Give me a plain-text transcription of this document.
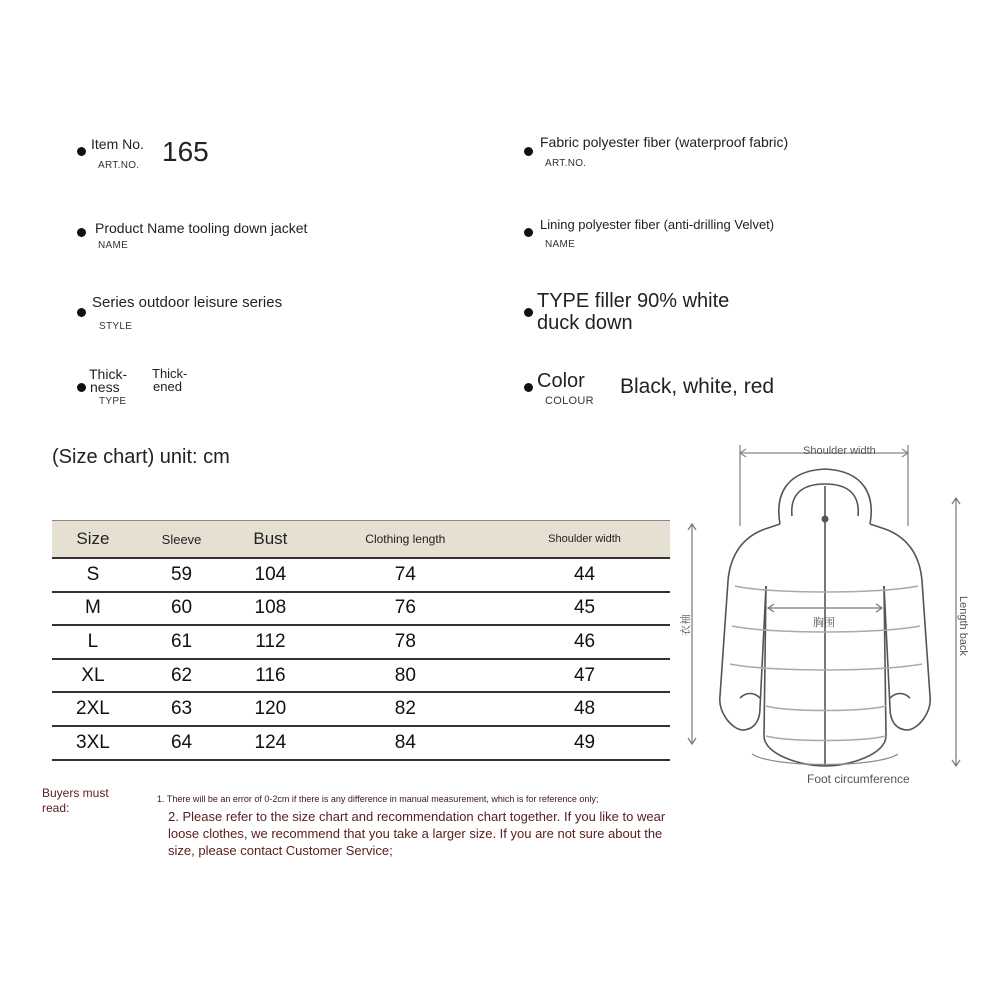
Item No.
ART.NO. 165
Product Name tooling down jacket
NAME
Series outdoor leisure series
STYLE
Thick-
ness
TYPE
Thick-
ened
Fabric polyester fiber (waterproof fabric)
ART.NO.
Lining polyester fiber (anti-drilling Velvet)
NAME
TYPE filler 90% white
duck down
Color
COLOUR
Black, white, red
(Size chart) unit: cm
Size	Sleeve	Bust	Clothing length	Shoulder width
S	59	104	74	44
M	60	108	76	45
L	61	112	78	46
XL	62	116	80	47
2XL	63	120	82	48
3XL	64	124	84	49
Shoulder width
胸围
衣袖	Length back
Foot circumference
Buyers must
read:
1. There will be an error of 0-2cm if there is any difference in manual measurement, which is for reference only;
2. Please refer to the size chart and recommendation chart together. If you like to wear loose clothes, we recommend that you take a larger size. If you are not sure about the size, please contact Customer Service;
